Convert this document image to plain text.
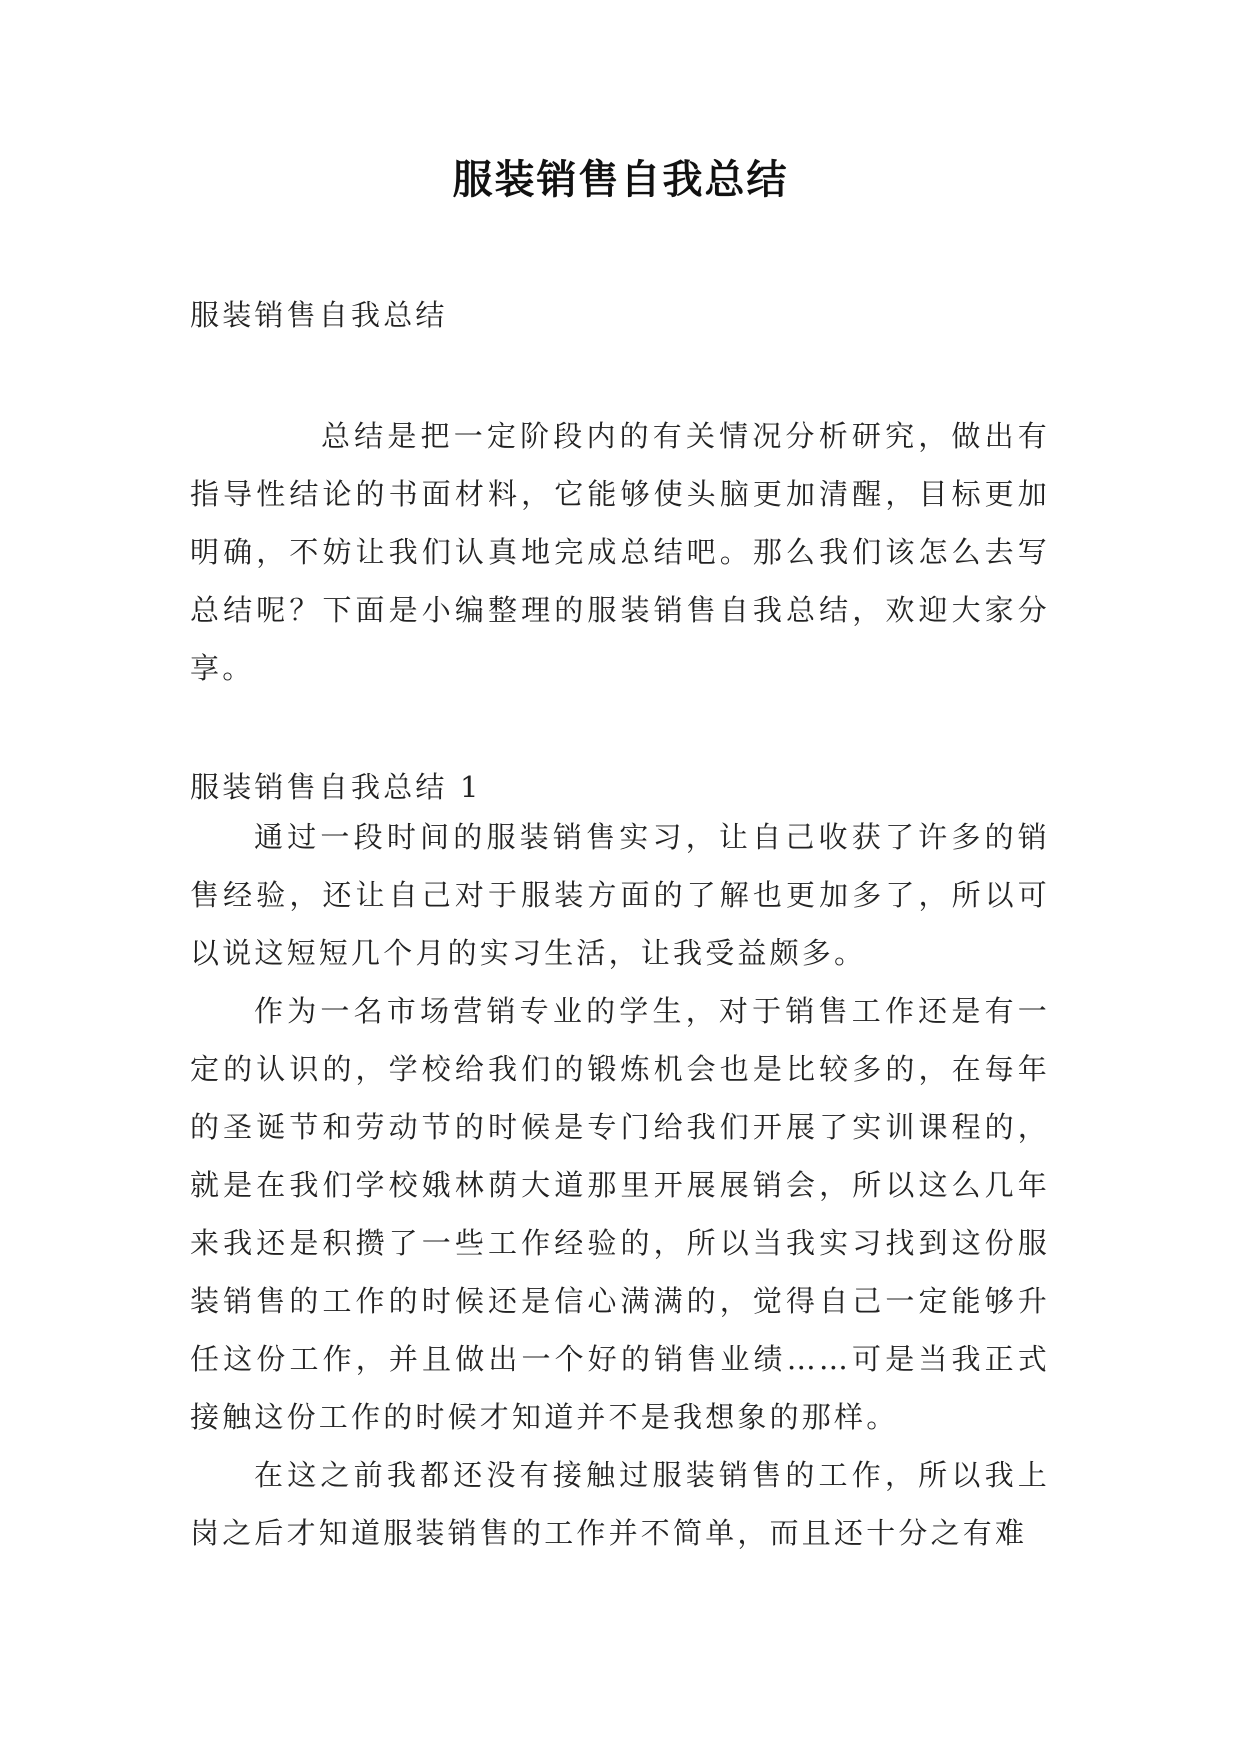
服装销售自我总结
服装销售自我总结
总结是把一定阶段内的有关情况分析研究，做出有指导性结论的书面材料，它能够使头脑更加清醒，目标更加明确，不妨让我们认真地完成总结吧。那么我们该怎么去写总结呢？下面是小编整理的服装销售自我总结，欢迎大家分享。
服装销售自我总结 1

通过一段时间的服装销售实习，让自己收获了许多的销售经验，还让自己对于服装方面的了解也更加多了，所以可以说这短短几个月的实习生活，让我受益颇多。

作为一名市场营销专业的学生，对于销售工作还是有一定的认识的，学校给我们的锻炼机会也是比较多的，在每年的圣诞节和劳动节的时候是专门给我们开展了实训课程的，就是在我们学校娥林荫大道那里开展展销会，所以这么几年来我还是积攒了一些工作经验的，所以当我实习找到这份服装销售的工作的时候还是信心满满的，觉得自己一定能够升任这份工作，并且做出一个好的销售业绩……可是当我正式接触这份工作的时候才知道并不是我想象的那样。

在这之前我都还没有接触过服装销售的工作，所以我上岗之后才知道服装销售的工作并不简单，而且还十分之有难
